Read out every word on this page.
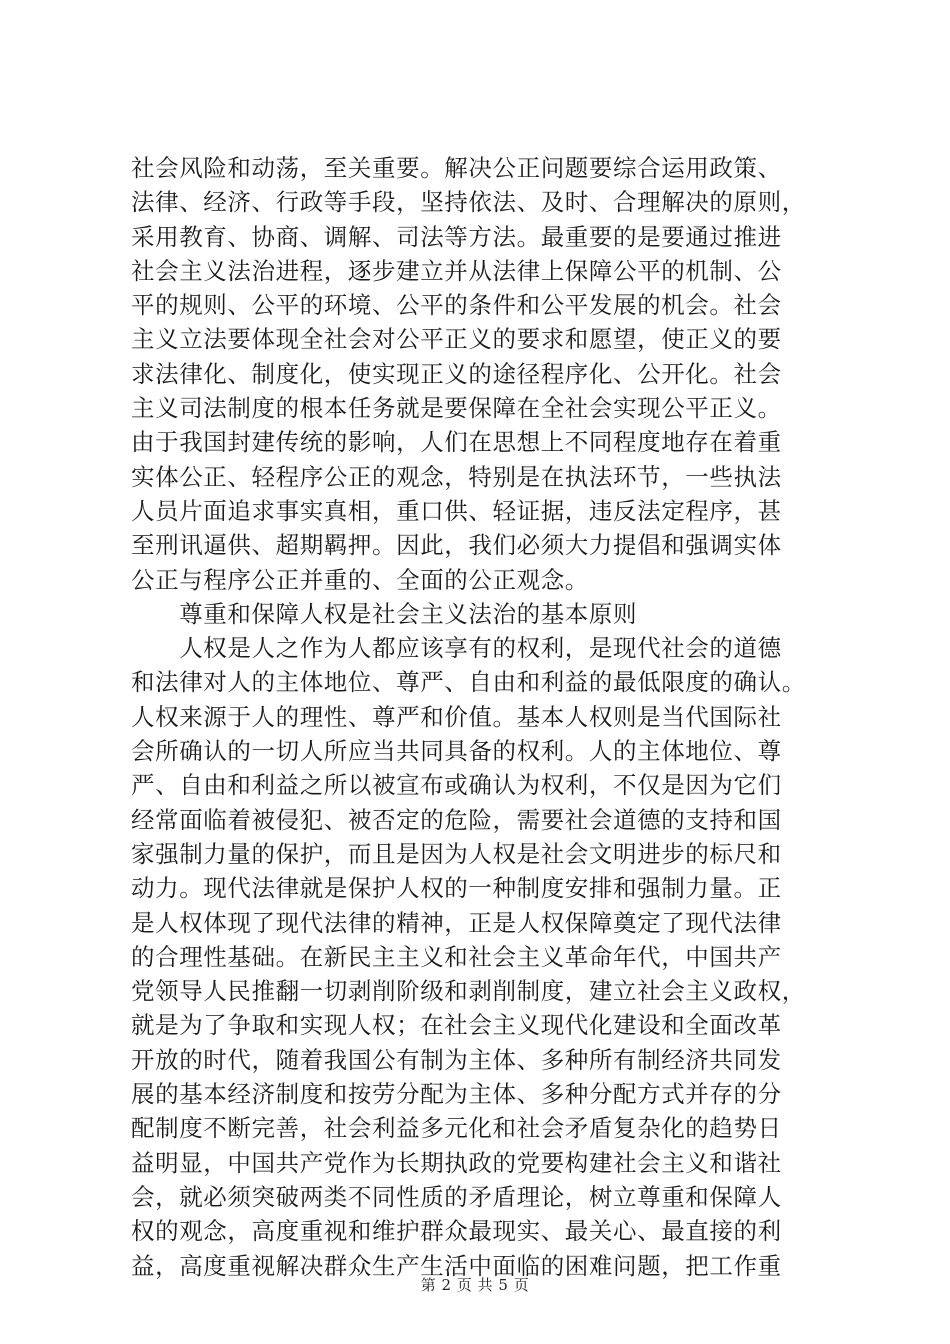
社会风险和动荡，至关重要。解决公正问题要综合运用政策、
法律、经济、行政等手段，坚持依法、及时、合理解决的原则，
采用教育、协商、调解、司法等方法。最重要的是要通过推进
社会主义法治进程，逐步建立并从法律上保障公平的机制、公
平的规则、公平的环境、公平的条件和公平发展的机会。社会
主义立法要体现全社会对公平正义的要求和愿望，使正义的要
求法律化、制度化，使实现正义的途径程序化、公开化。社会
主义司法制度的根本任务就是要保障在全社会实现公平正义。
由于我国封建传统的影响，人们在思想上不同程度地存在着重
实体公正、轻程序公正的观念，特别是在执法环节，一些执法
人员片面追求事实真相，重口供、轻证据，违反法定程序，甚
至刑讯逼供、超期羁押。因此，我们必须大力提倡和强调实体
公正与程序公正并重的、全面的公正观念。
　　尊重和保障人权是社会主义法治的基本原则
　　人权是人之作为人都应该享有的权利，是现代社会的道德
和法律对人的主体地位、尊严、自由和利益的最低限度的确认。
人权来源于人的理性、尊严和价值。基本人权则是当代国际社
会所确认的一切人所应当共同具备的权利。人的主体地位、尊
严、自由和利益之所以被宣布或确认为权利，不仅是因为它们
经常面临着被侵犯、被否定的危险，需要社会道德的支持和国
家强制力量的保护，而且是因为人权是社会文明进步的标尺和
动力。现代法律就是保护人权的一种制度安排和强制力量。正
是人权体现了现代法律的精神，正是人权保障奠定了现代法律
的合理性基础。在新民主主义和社会主义革命年代，中国共产
党领导人民推翻一切剥削阶级和剥削制度，建立社会主义政权，
就是为了争取和实现人权；在社会主义现代化建设和全面改革
开放的时代，随着我国公有制为主体、多种所有制经济共同发
展的基本经济制度和按劳分配为主体、多种分配方式并存的分
配制度不断完善，社会利益多元化和社会矛盾复杂化的趋势日
益明显，中国共产党作为长期执政的党要构建社会主义和谐社
会，就必须突破两类不同性质的矛盾理论，树立尊重和保障人
权的观念，高度重视和维护群众最现实、最关心、最直接的利
益，高度重视解决群众生产生活中面临的困难问题，把工作重
第 2 页 共 5 页
